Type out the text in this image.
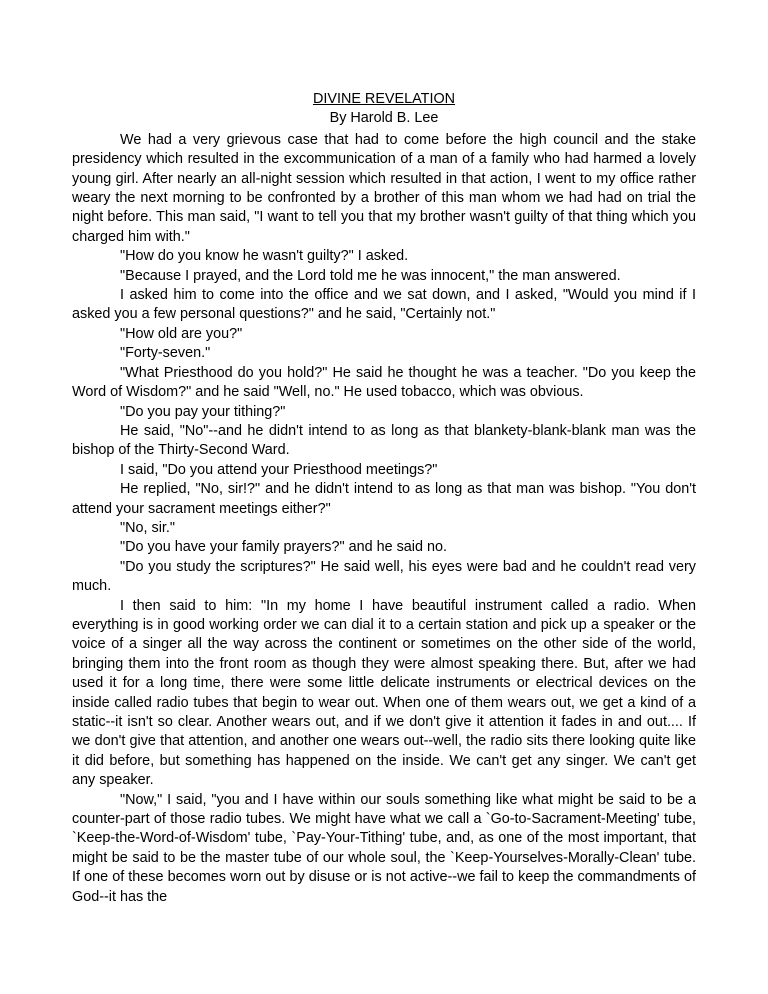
DIVINE REVELATION

By Harold B. Lee

We had a very grievous case that had to come before the high council and the stake presidency which resulted in the excommunication of a man of a family who had harmed a lovely young girl. After nearly an all-night session which resulted in that action, I went to my office rather weary the next morning to be confronted by a brother of this man whom we had had on trial the night before. This man said, "I want to tell you that my brother wasn't guilty of that thing which you charged him with."

"How do you know he wasn't guilty?" I asked.

"Because I prayed, and the Lord told me he was innocent," the man answered.

I asked him to come into the office and we sat down, and I asked, "Would you mind if I asked you a few personal questions?" and he said, "Certainly not."

"How old are you?"

"Forty-seven."

"What Priesthood do you hold?" He said he thought he was a teacher. "Do you keep the Word of Wisdom?" and he said "Well, no." He used tobacco, which was obvious.

"Do you pay your tithing?"

He said, "No"--and he didn't intend to as long as that blankety-blank-blank man was the bishop of the Thirty-Second Ward.

I said, "Do you attend your Priesthood meetings?"

He replied, "No, sir!?" and he didn't intend to as long as that man was bishop. "You don't attend your sacrament meetings either?"

"No, sir."

"Do you have your family prayers?" and he said no.

"Do you study the scriptures?" He said well, his eyes were bad and he couldn't read very much.

I then said to him: "In my home I have beautiful instrument called a radio. When everything is in good working order we can dial it to a certain station and pick up a speaker or the voice of a singer all the way across the continent or sometimes on the other side of the world, bringing them into the front room as though they were almost speaking there. But, after we had used it for a long time, there were some little delicate instruments or electrical devices on the inside called radio tubes that begin to wear out. When one of them wears out, we get a kind of a static--it isn't so clear. Another wears out, and if we don't give it attention it fades in and out.... If we don't give that attention, and another one wears out--well, the radio sits there looking quite like it did before, but something has happened on the inside. We can't get any singer. We can't get any speaker.

"Now," I said, "you and I have within our souls something like what might be said to be a counter-part of those radio tubes. We might have what we call a `Go-to-Sacrament-Meeting' tube, `Keep-the-Word-of-Wisdom' tube, `Pay-Your-Tithing' tube, and, as one of the most important, that might be said to be the master tube of our whole soul, the `Keep-Yourselves-Morally-Clean' tube. If one of these becomes worn out by disuse or is not active--we fail to keep the commandments of God--it has the
